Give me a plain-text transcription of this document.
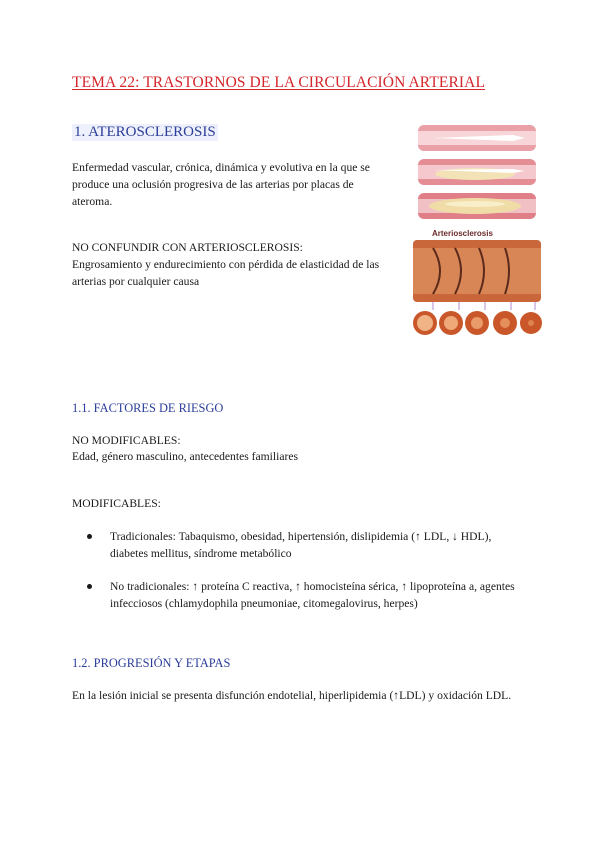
TEMA 22: TRASTORNOS DE LA CIRCULACIÓN ARTERIAL
1. ATEROSCLEROSIS
Enfermedad vascular, crónica, dinámica y evolutiva en la que se produce una oclusión progresiva de las arterias por placas de ateroma.
NO CONFUNDIR CON ARTERIOSCLEROSIS:
Engrosamiento y endurecimiento con pérdida de elasticidad de las arterias por cualquier causa
Arteriosclerosis
1.1. FACTORES DE RIESGO
NO MODIFICABLES:
Edad, género masculino, antecedentes familiares
MODIFICABLES:
Tradicionales: Tabaquismo, obesidad, hipertensión, dislipidemia (↑ LDL, ↓ HDL), diabetes mellitus, síndrome metabólico
No tradicionales: ↑ proteína C reactiva, ↑ homocisteína sérica, ↑ lipoproteína a, agentes infecciosos (chlamydophila pneumoniae, citomegalovirus, herpes)
1.2. PROGRESIÓN Y ETAPAS
En la lesión inicial se presenta disfunción endotelial, hiperlipidemia (↑LDL) y oxidación LDL.
